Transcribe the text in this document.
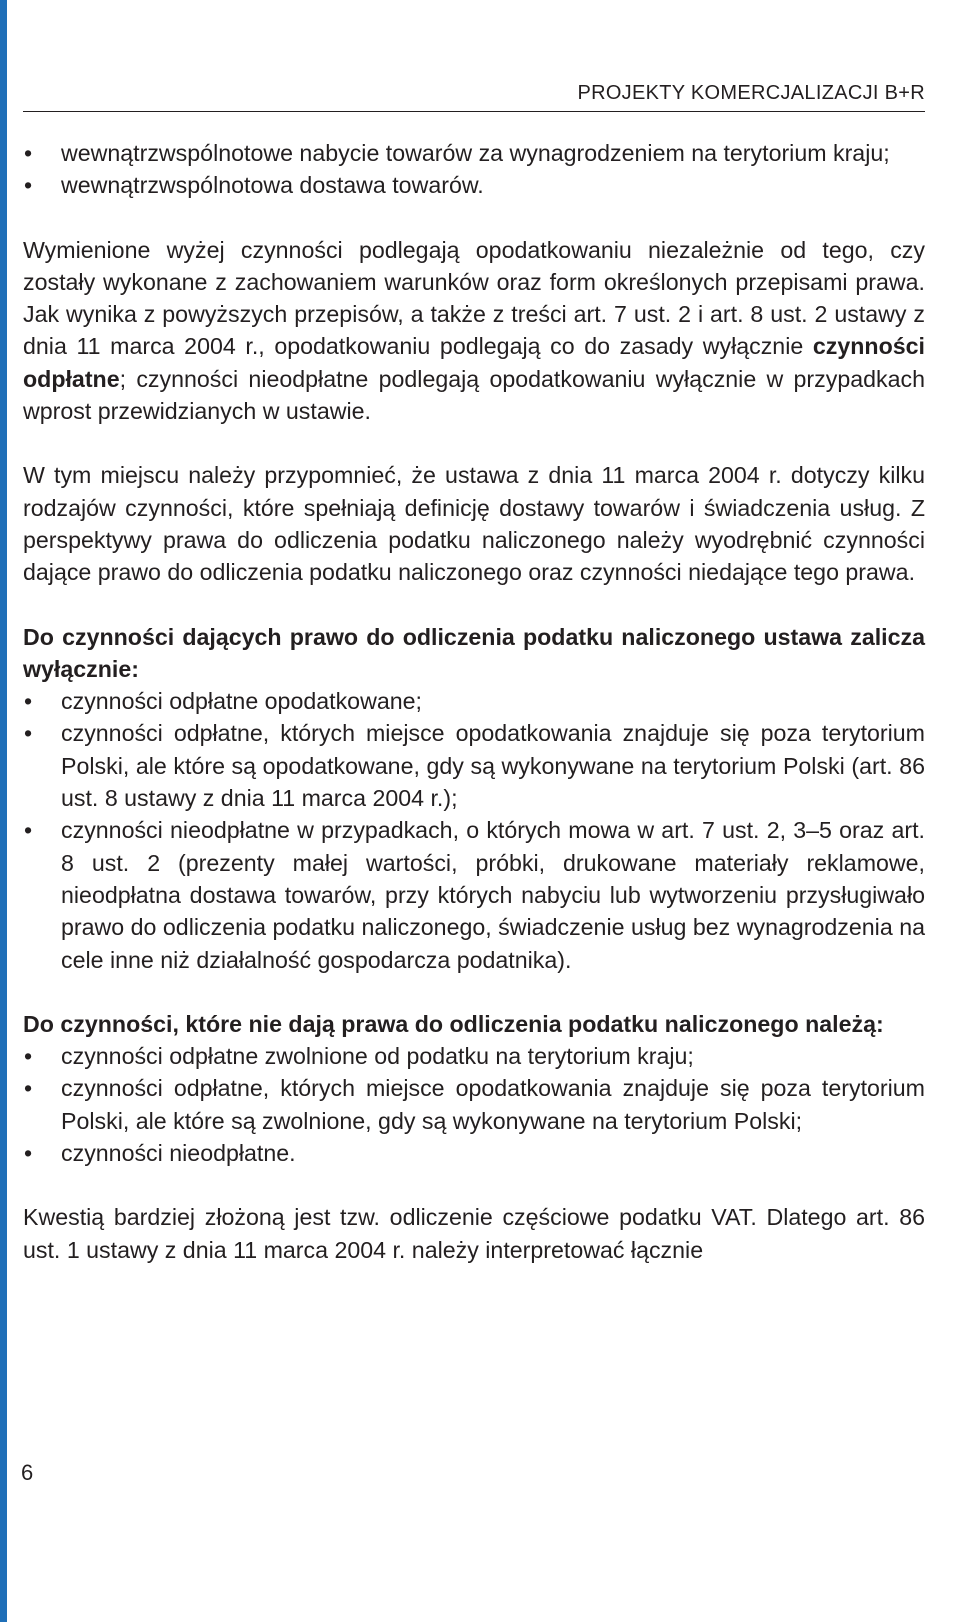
PROJEKTY KOMERCJALIZACJI B+R
• wewnątrzwspólnotowe nabycie towarów za wynagrodzeniem na terytorium kraju;
• wewnątrzwspólnotowa dostawa towarów.

Wymienione wyżej czynności podlegają opodatkowaniu niezależnie od tego, czy zostały wykonane z zachowaniem warunków oraz form określonych przepisami prawa. Jak wynika z powyższych przepisów, a także z treści art. 7 ust. 2 i art. 8 ust. 2 ustawy z dnia 11 marca 2004 r., opodatkowaniu podlegają co do zasady wyłącznie czynności odpłatne; czynności nieodpłatne podlegają opodatkowaniu wyłącznie w przypadkach wprost przewidzianych w ustawie.

W tym miejscu należy przypomnieć, że ustawa z dnia 11 marca 2004 r. dotyczy kilku rodzajów czynności, które spełniają definicję dostawy towarów i świadczenia usług. Z perspektywy prawa do odliczenia podatku naliczonego należy wyodrębnić czynności dające prawo do odliczenia podatku naliczonego oraz czynności niedające tego prawa.

Do czynności dających prawo do odliczenia podatku naliczonego ustawa zalicza wyłącznie:

• czynności odpłatne opodatkowane;
• czynności odpłatne, których miejsce opodatkowania znajduje się poza terytorium Polski, ale które są opodatkowane, gdy są wykonywane na terytorium Polski (art. 86 ust. 8 ustawy z dnia 11 marca 2004 r.);
• czynności nieodpłatne w przypadkach, o których mowa w art. 7 ust. 2, 3–5 oraz art. 8 ust. 2 (prezenty małej wartości, próbki, drukowane materiały reklamowe, nieodpłatna dostawa towarów, przy których nabyciu lub wytworzeniu przysługiwało prawo do odliczenia podatku naliczonego, świadczenie usług bez wynagrodzenia na cele inne niż działalność gospodarcza podatnika).

Do czynności, które nie dają prawa do odliczenia podatku naliczonego należą:

• czynności odpłatne zwolnione od podatku na terytorium kraju;
• czynności odpłatne, których miejsce opodatkowania znajduje się poza terytorium Polski, ale które są zwolnione, gdy są wykonywane na terytorium Polski;
• czynności nieodpłatne.

Kwestią bardziej złożoną jest tzw. odliczenie częściowe podatku VAT. Dlatego art. 86 ust. 1 ustawy z dnia 11 marca 2004 r. należy interpretować łącznie

6
